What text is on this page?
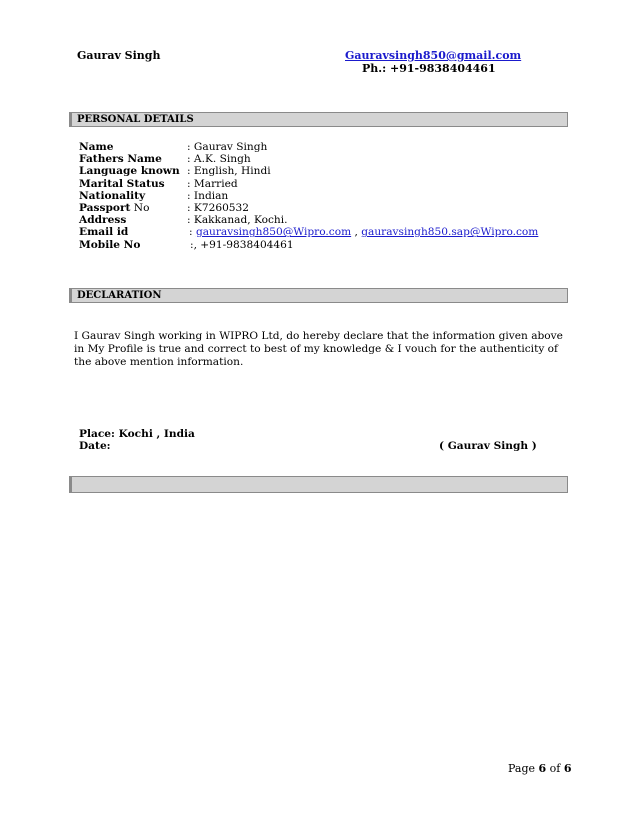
Gaurav Singh	Gauravsingh850@gmail.com
Ph.: +91-9838404461
PERSONAL DETAILS
Name	: Gaurav Singh
Fathers Name : A.K. Singh
Language known : English, Hindi
Marital Status : Married
Nationality	: Indian
Passport No	: K7260532
Address	: Kakkanad, Kochi.
Email id	: gauravsingh850@Wipro.com , gauravsingh850.sap@Wipro.com
Mobile No	:, +91-9838404461
DECLARATION
I Gaurav Singh working in WIPRO Ltd, do hereby declare that the information given above in My Profile is true and correct to best of my knowledge & I vouch for the authenticity of the above mention information.
Place: Kochi , India
Date:	( Gaurav Singh )
Page 6 of 6
